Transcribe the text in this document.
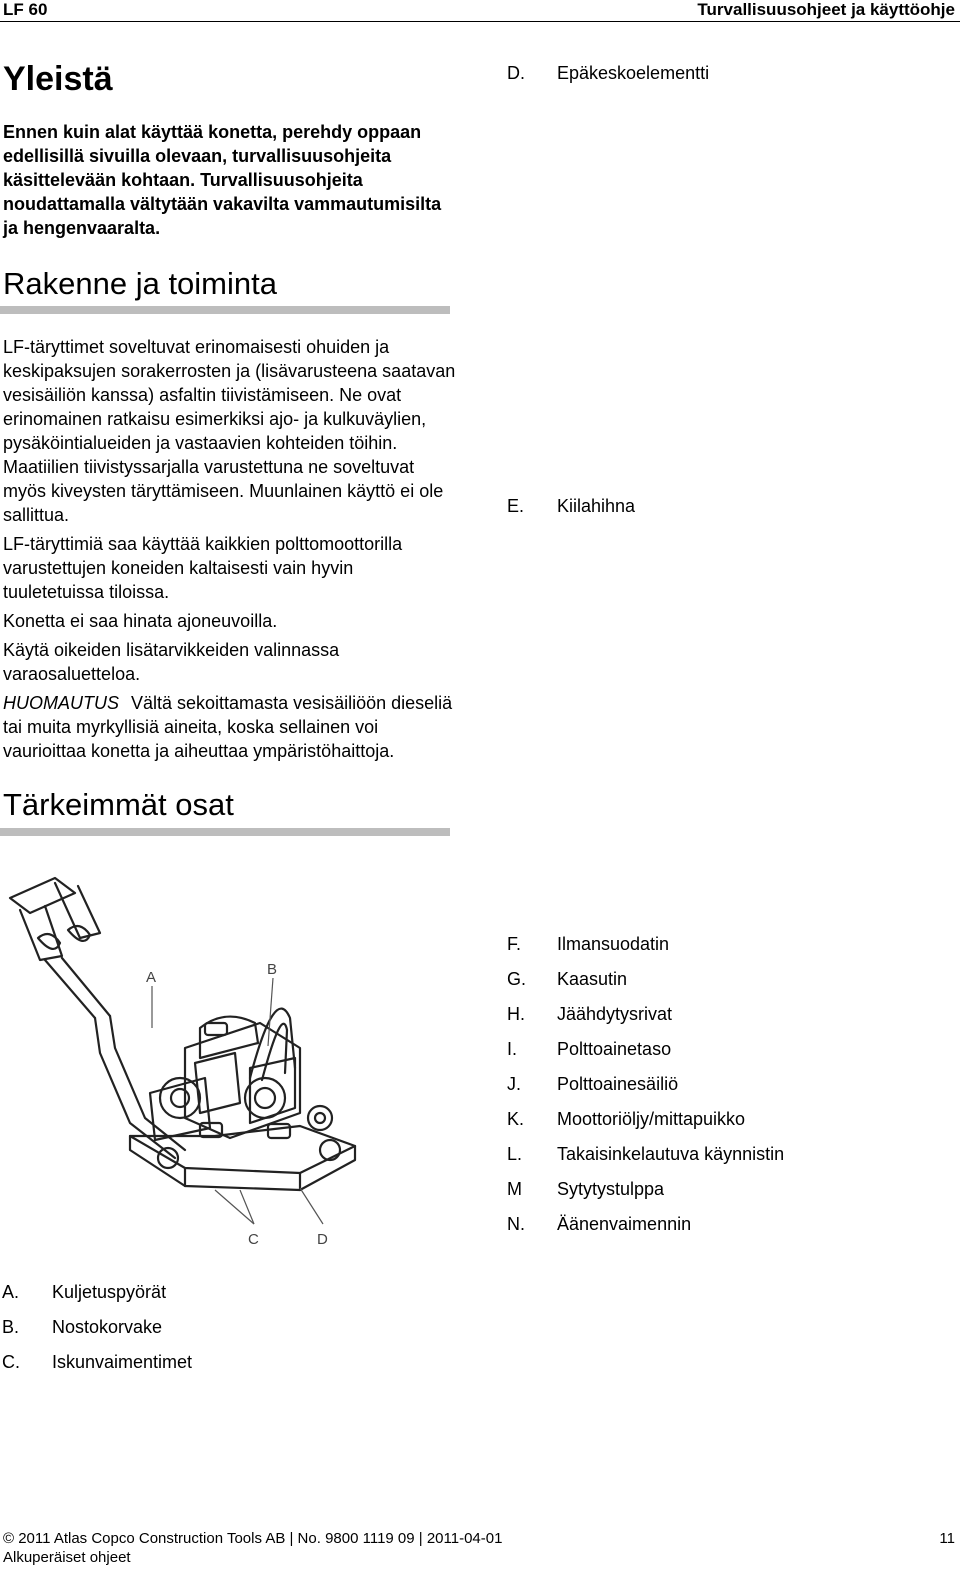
LF 60	Turvallisuusohjeet ja käyttöohje
Yleistä
Ennen kuin alat käyttää konetta, perehdy oppaan edellisillä sivuilla olevaan, turvallisuusohjeita käsittelevään kohtaan. Turvallisuusohjeita noudattamalla vältytään vakavilta vammautumisilta ja hengenvaaralta.
Rakenne ja toiminta

LF-täryttimet soveltuvat erinomaisesti ohuiden ja keskipaksujen sorakerrosten ja (lisävarusteena saatavan vesisäiliön kanssa) asfaltin tiivistämiseen. Ne ovat erinomainen ratkaisu esimerkiksi ajo- ja kulkuväylien, pysäköintialueiden ja vastaavien kohteiden töihin. Maatiilien tiivistyssarjalla varustettuna ne soveltuvat myös kiveysten täryttämiseen. Muunlainen käyttö ei ole sallittua.

LF-täryttimiä saa käyttää kaikkien polttomoottorilla varustettujen koneiden kaltaisesti vain hyvin tuuletetuissa tiloissa.

Konetta ei saa hinata ajoneuvoilla.

Käytä oikeiden lisätarvikkeiden valinnassa varaosaluetteloa.

HUOMAUTUS Vältä sekoittamasta vesisäiliöön dieseliä tai muita myrkyllisiä aineita, koska sellainen voi vaurioittaa konetta ja aiheuttaa ympäristöhaittoja.

Tärkeimmät osat
A	B
C	D
D. Epäkeskoelementti
E. Kiilahihna
F. Ilmansuodatin
G. Kaasutin
H. Jäähdytysrivat
I. Polttoainetaso
J. Polttoainesäiliö
K. Moottoriöljy/mittapuikko
L. Takaisinkelautuva käynnistin
M Sytytystulppa
N. Äänenvaimennin
A. Kuljetuspyörät
B. Nostokorvake
C. Iskunvaimentimet
© 2011 Atlas Copco Construction Tools AB | No. 9800 1119 09 | 2011-04-01
Alkuperäiset ohjeet
11
